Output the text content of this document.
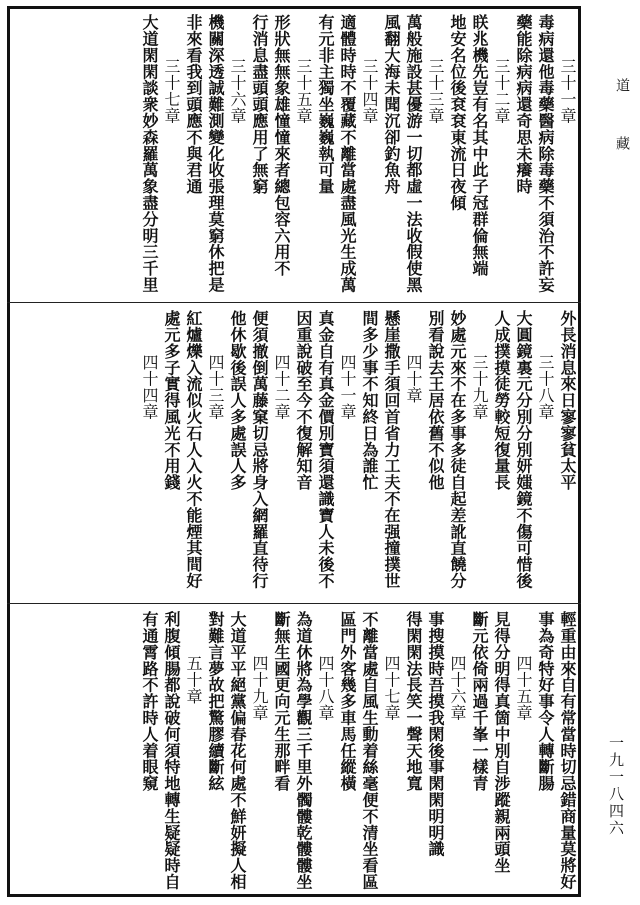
三十一章
毒病還他毒藥醫病除毒藥不須治不許妄
藥能除病病還奇思未癢時
三十二章
眹兆機先豈有名其中此子冠群倫無端
地安名位後袞袞東流日夜傾
三十三章
萬般施設甚優游一切都虛一法收假使黑
風翻大海未聞沉卻釣魚舟
三十四章
適體時時不覆藏不離當處盡風光生成萬
有元非主獨坐巍巍執可量
三十五章
形狀無無象雄憧憧來者總包容六用不
行消息盡頭頭應用了無窮
三十六章
機關深透誠難測變化收張理莫窮休把是
非來看我到頭應不與君通
三十七章
大道閑閑談衆妙森羅萬象盡分明三千里
外長消息來日寥寥貧太平
三十八章
大圓鏡裏元分別分別妍媸鏡不傷可惜後
人成撲摸徒勞較短復量長
三十九章
妙處元來不在多事多徒自起差訛直饒分
別看說去王居依舊不似他
四十章
懸崖撒手須回首省力工夫不在强撞撲世
間多少事不知終日為誰忙
四十一章
真金自有真金價別寶須還識寶人未後不
因重說破至今不復解知音
四十二章
便須撤倒萬藤窠切忌將身入網羅直待行
他休歇後誤人多處誤人多
四十三章
紅爐爍入流似火石人入火不能煙其間好
處元多子實得風光不用錢
四十四章
輕重由來自有常當時切忌錯商量莫將好
事為奇特好事令人轉斷腸
四十五章
見得分明得真箇中別自涉蹤親兩頭坐
斷元依倚兩過千峯一樣青
四十六章
事搜摸時吾摸我閑後事閑閑明明識
得閑閑法長笑一聲天地寬
四十七章
不離當處自風生動着絲毫便不清坐看區
區門外客幾多車馬任縱橫
四十八章
為道休將為學觀三千里外髑髏乾髏髏坐
斷無生國更向元生那畔看
四十九章
大道平平絕黨偏春花何處不鮮妍擬人相
對難言夢故把驚膠續斷絃
五十章
利腹傾腸都說破何須特地轉生疑疑時自
有通霄路不許時人着眼窺
道 藏
一九一八四六
